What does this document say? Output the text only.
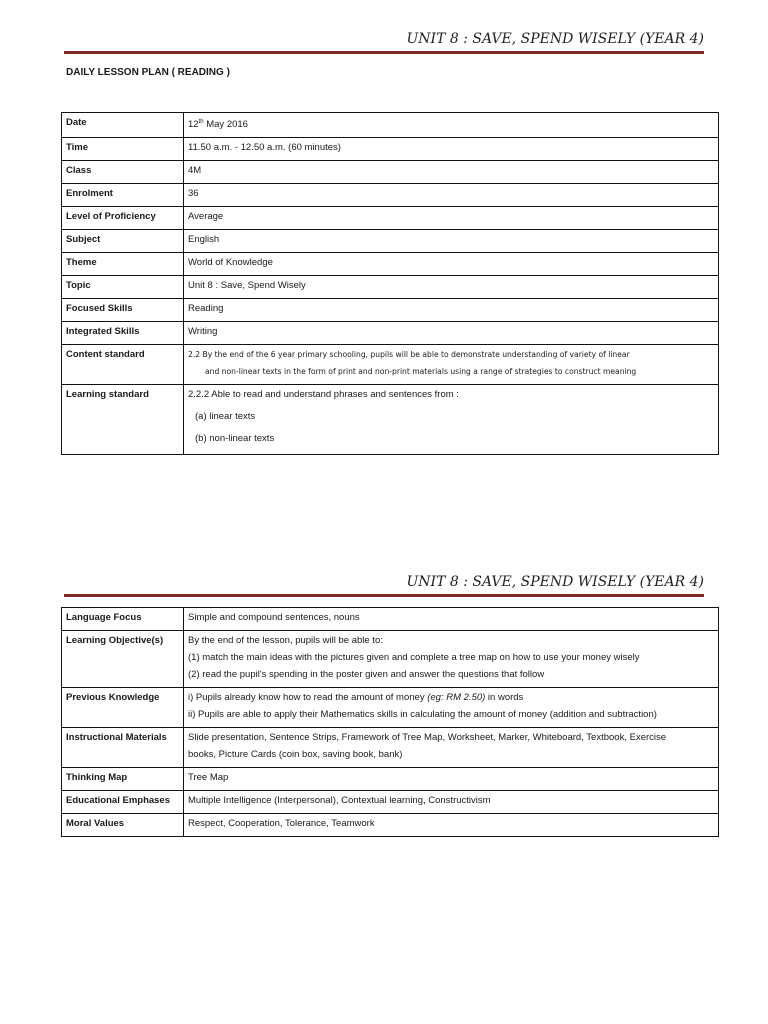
UNIT 8 : SAVE, SPEND WISELY (YEAR 4)
DAILY LESSON PLAN ( READING )
Date	12th May 2016
Time	11.50 a.m. - 12.50 a.m. (60 minutes)
Class	4M
Enrolment	36
Level of Proficiency	Average
Subject	English
Theme	World of Knowledge
Topic	Unit 8 : Save, Spend Wisely
Focused Skills	Reading
Integrated Skills	Writing
Content standard	2.2 By the end of the 6 year primary schooling, pupils will be able to demonstrate understanding of variety of linear
and non-linear texts in the form of print and non-print materials using a range of strategies to construct meaning

Learning standard	2.2.2 Able to read and understand phrases and sentences from :
(a) linear texts
(b) non-linear texts
UNIT 8 : SAVE, SPEND WISELY (YEAR 4)
Language Focus	Simple and compound sentences, nouns
Learning Objective(s)	By the end of the lesson, pupils will be able to:
(1) match the main ideas with the pictures given and complete a tree map on how to use your money wisely
(2) read the pupil's spending in the poster given and answer the questions that follow

Previous Knowledge	i) Pupils already know how to read the amount of money (eg: RM 2.50) in words
ii) Pupils are able to apply their Mathematics skills in calculating the amount of money (addition and subtraction)

Instructional Materials	Slide presentation, Sentence Strips, Framework of Tree Map, Worksheet, Marker, Whiteboard, Textbook, Exercise
books, Picture Cards (coin box, saving book, bank)

Thinking Map	Tree Map
Educational Emphases	Multiple Intelligence (Interpersonal), Contextual learning, Constructivism
Moral Values	Respect, Cooperation, Tolerance, Teamwork
